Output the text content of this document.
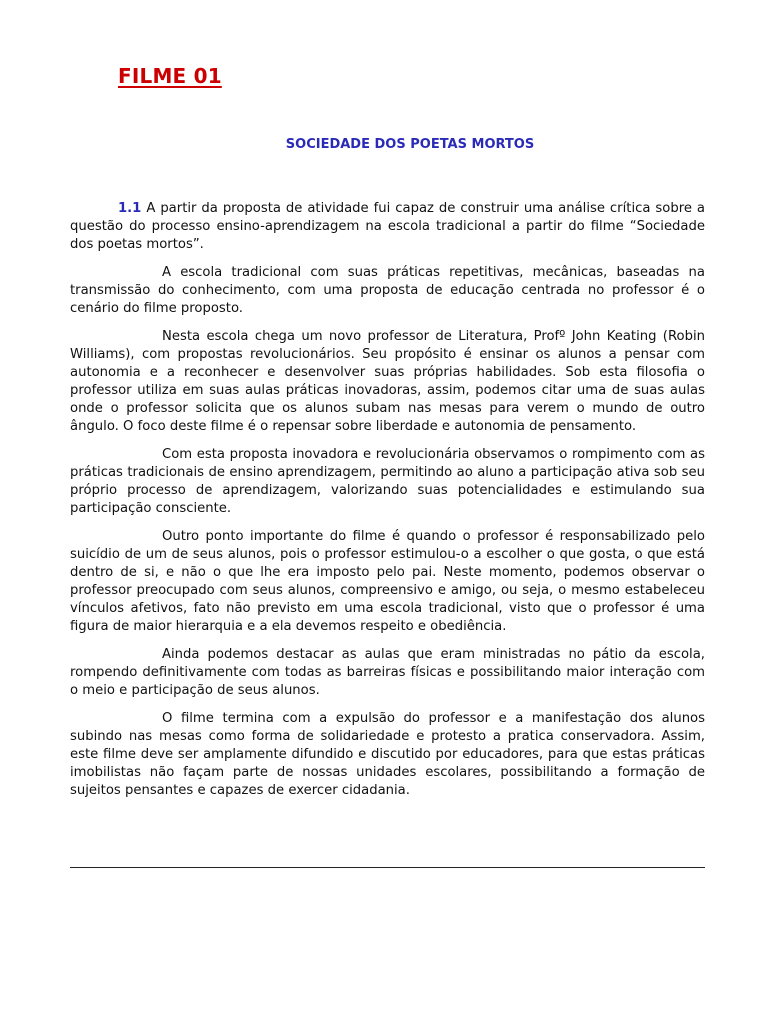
FILME 01
SOCIEDADE DOS POETAS MORTOS

1.1 A partir da proposta de atividade fui capaz de construir uma análise crítica sobre a questão do processo ensino-aprendizagem na escola tradicional a partir do filme “Sociedade dos poetas mortos”.

A escola tradicional com suas práticas repetitivas, mecânicas, baseadas na transmissão do conhecimento, com uma proposta de educação centrada no professor é o cenário do filme proposto.

Nesta escola chega um novo professor de Literatura, Profº John Keating (Robin Williams), com propostas revolucionários. Seu propósito é ensinar os alunos a pensar com autonomia e a reconhecer e desenvolver suas próprias habilidades. Sob esta filosofia o professor utiliza em suas aulas práticas inovadoras, assim, podemos citar uma de suas aulas onde o professor solicita que os alunos subam nas mesas para verem o mundo de outro ângulo. O foco deste filme é o repensar sobre liberdade e autonomia de pensamento.

Com esta proposta inovadora e revolucionária observamos o rompimento com as práticas tradicionais de ensino aprendizagem, permitindo ao aluno a participação ativa sob seu próprio processo de aprendizagem, valorizando suas potencialidades e estimulando sua participação consciente.

Outro ponto importante do filme é quando o professor é responsabilizado pelo suicídio de um de seus alunos, pois o professor estimulou-o a escolher o que gosta, o que está dentro de si, e não o que lhe era imposto pelo pai. Neste momento, podemos observar o professor preocupado com seus alunos, compreensivo e amigo, ou seja, o mesmo estabeleceu vínculos afetivos, fato não previsto em uma escola tradicional, visto que o professor é uma figura de maior hierarquia e a ela devemos respeito e obediência.

Ainda podemos destacar as aulas que eram ministradas no pátio da escola, rompendo definitivamente com todas as barreiras físicas e possibilitando maior interação com o meio e participação de seus alunos.

O filme termina com a expulsão do professor e a manifestação dos alunos subindo nas mesas como forma de solidariedade e protesto a pratica conservadora. Assim, este filme deve ser amplamente difundido e discutido por educadores, para que estas práticas imobilistas não façam parte de nossas unidades escolares, possibilitando a formação de sujeitos pensantes e capazes de exercer cidadania.
